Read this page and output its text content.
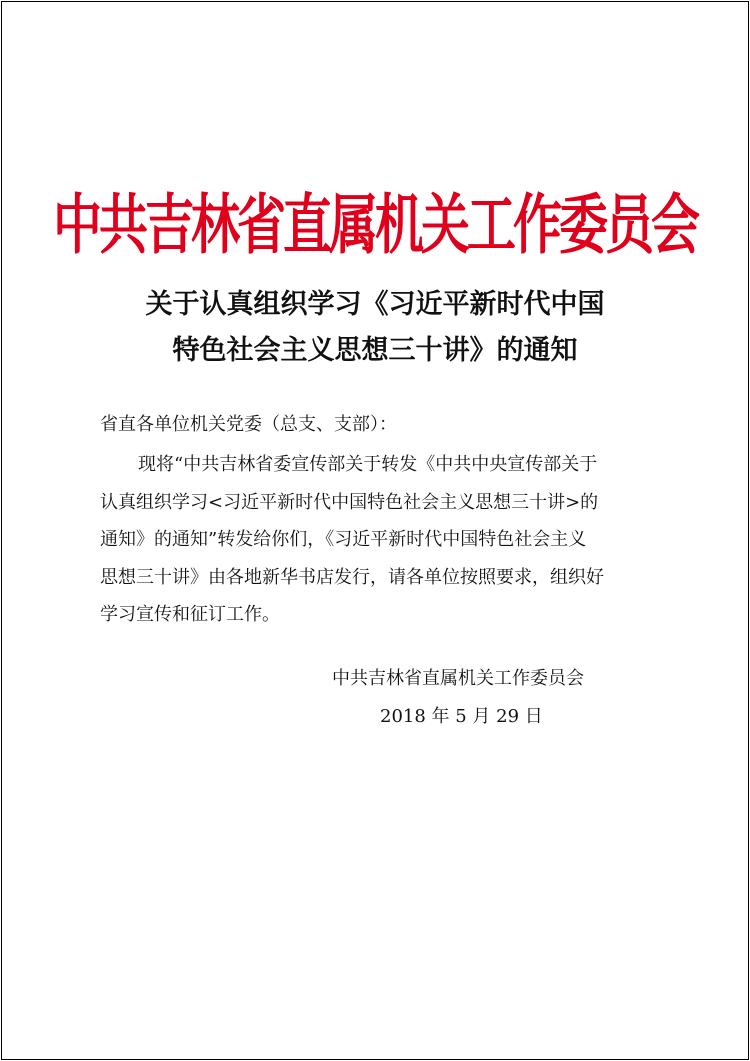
中共吉林省直属机关工作委员会
关于认真组织学习《习近平新时代中国
特色社会主义思想三十讲》的通知
省直各单位机关党委（总支、支部）：
现将“中共吉林省委宣传部关于转发《中共中央宣传部关于
认真组织学习<习近平新时代中国特色社会主义思想三十讲>的
通知》的通知”转发给你们，《习近平新时代中国特色社会主义
思想三十讲》由各地新华书店发行，请各单位按照要求，组织好
学习宣传和征订工作。
中共吉林省直属机关工作委员会
2018 年 5 月 29 日
